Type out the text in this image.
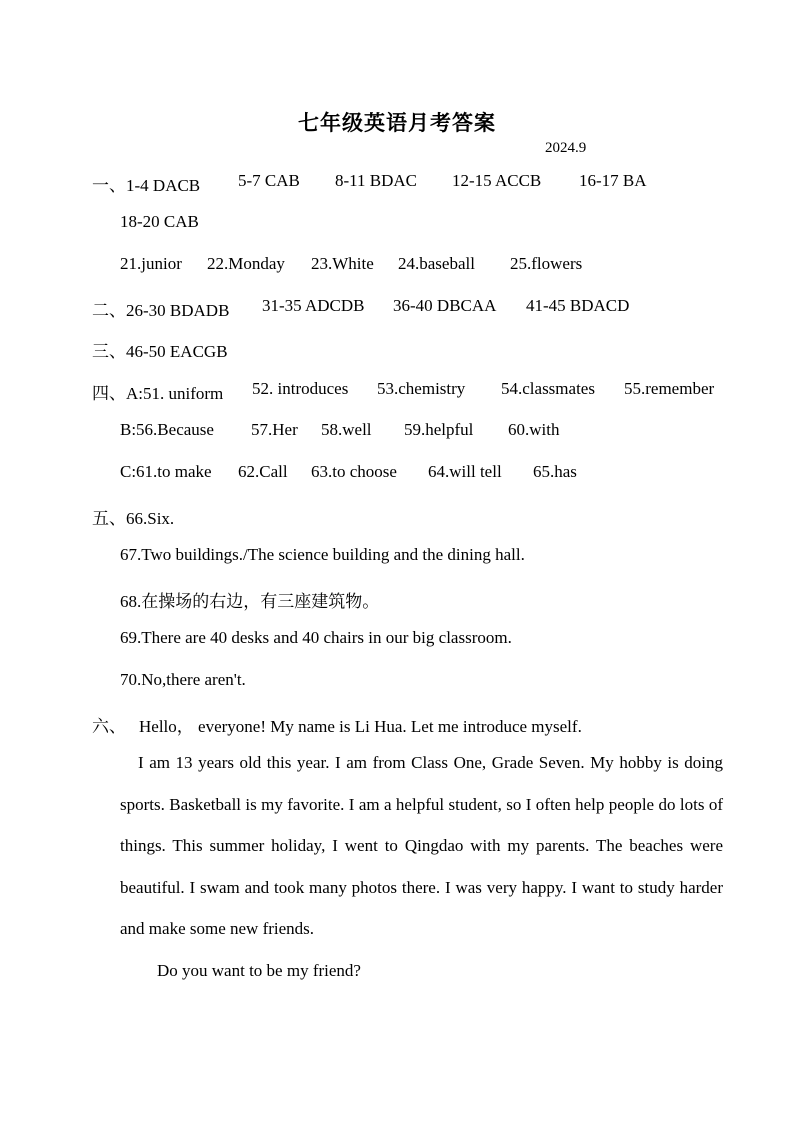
七年级英语月考答案
2024.9
一、1-4 DACB 5-7 CAB 8-11 BDAC 12-15 ACCB 16-17 BA
18-20 CAB
21.junior 22.Monday 23.White 24.baseball 25.flowers
二、26-30 BDADB 31-35 ADCDB 36-40 DBCAA 41-45 BDACD
三、46-50 EACGB
四、A:51. uniform 52. introduces 53.chemistry 54.classmates 55.remember
B:56.Because 57.Her 58.well 59.helpful 60.with
C:61.to make 62.Call 63.to choose 64.will tell 65.has
五、66.Six.
67.Two buildings./The science building and the dining hall.
68.在操场的右边，有三座建筑物。
69.There are 40 desks and 40 chairs in our big classroom.
70.No,there aren't.
六、 Hello， everyone! My name is Li Hua. Let me introduce myself.
I am 13 years old this year. I am from Class One, Grade Seven. My hobby is doing sports. Basketball is my favorite. I am a helpful student, so I often help people do lots of things. This summer holiday, I went to Qingdao with my parents. The beaches were beautiful. I swam and took many photos there. I was very happy. I want to study harder and make some new friends.
Do you want to be my friend?
